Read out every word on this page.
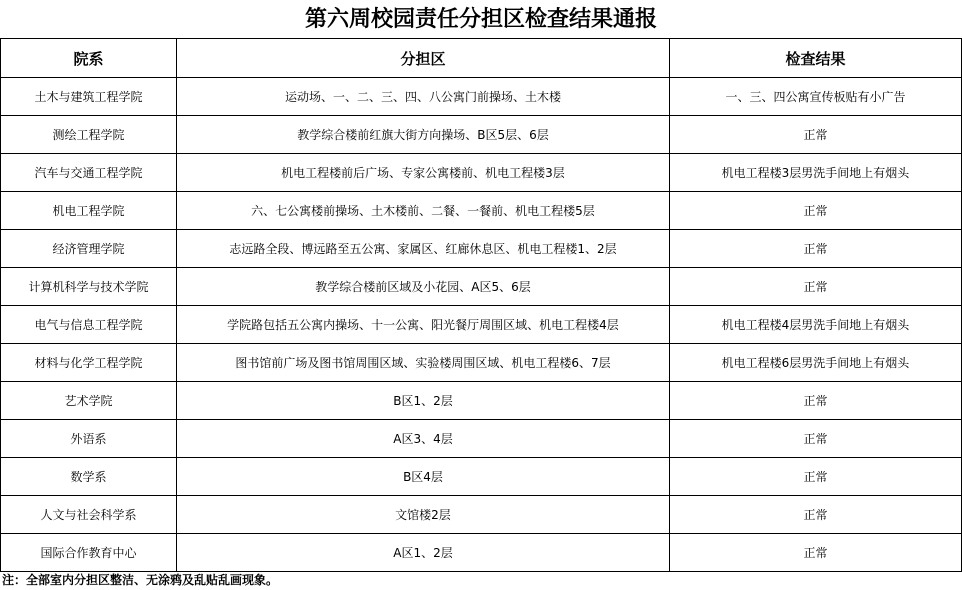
第六周校园责任分担区检查结果通报
院系	分担区	检查结果
土木与建筑工程学院	运动场、一、二、三、四、八公寓门前操场、土木楼	一、三、四公寓宣传板贴有小广告
测绘工程学院	教学综合楼前红旗大街方向操场、B区5层、6层	正常
汽车与交通工程学院	机电工程楼前后广场、专家公寓楼前、机电工程楼3层	机电工程楼3层男洗手间地上有烟头
机电工程学院	六、七公寓楼前操场、土木楼前、二餐、一餐前、机电工程楼5层	正常
经济管理学院	志远路全段、博远路至五公寓、家属区、红廊休息区、机电工程楼1、2层	正常
计算机科学与技术学院	教学综合楼前区域及小花园、A区5、6层	正常
电气与信息工程学院	学院路包括五公寓内操场、十一公寓、阳光餐厅周围区域、机电工程楼4层	机电工程楼4层男洗手间地上有烟头
材料与化学工程学院	图书馆前广场及图书馆周围区域、实验楼周围区域、机电工程楼6、7层	机电工程楼6层男洗手间地上有烟头
艺术学院	B区1、2层	正常
外语系	A区3、4层	正常
数学系	B区4层	正常
人文与社会科学系	文馆楼2层	正常
国际合作教育中心	A区1、2层	正常
注：全部室内分担区整洁、无涂鸦及乱贴乱画现象。
